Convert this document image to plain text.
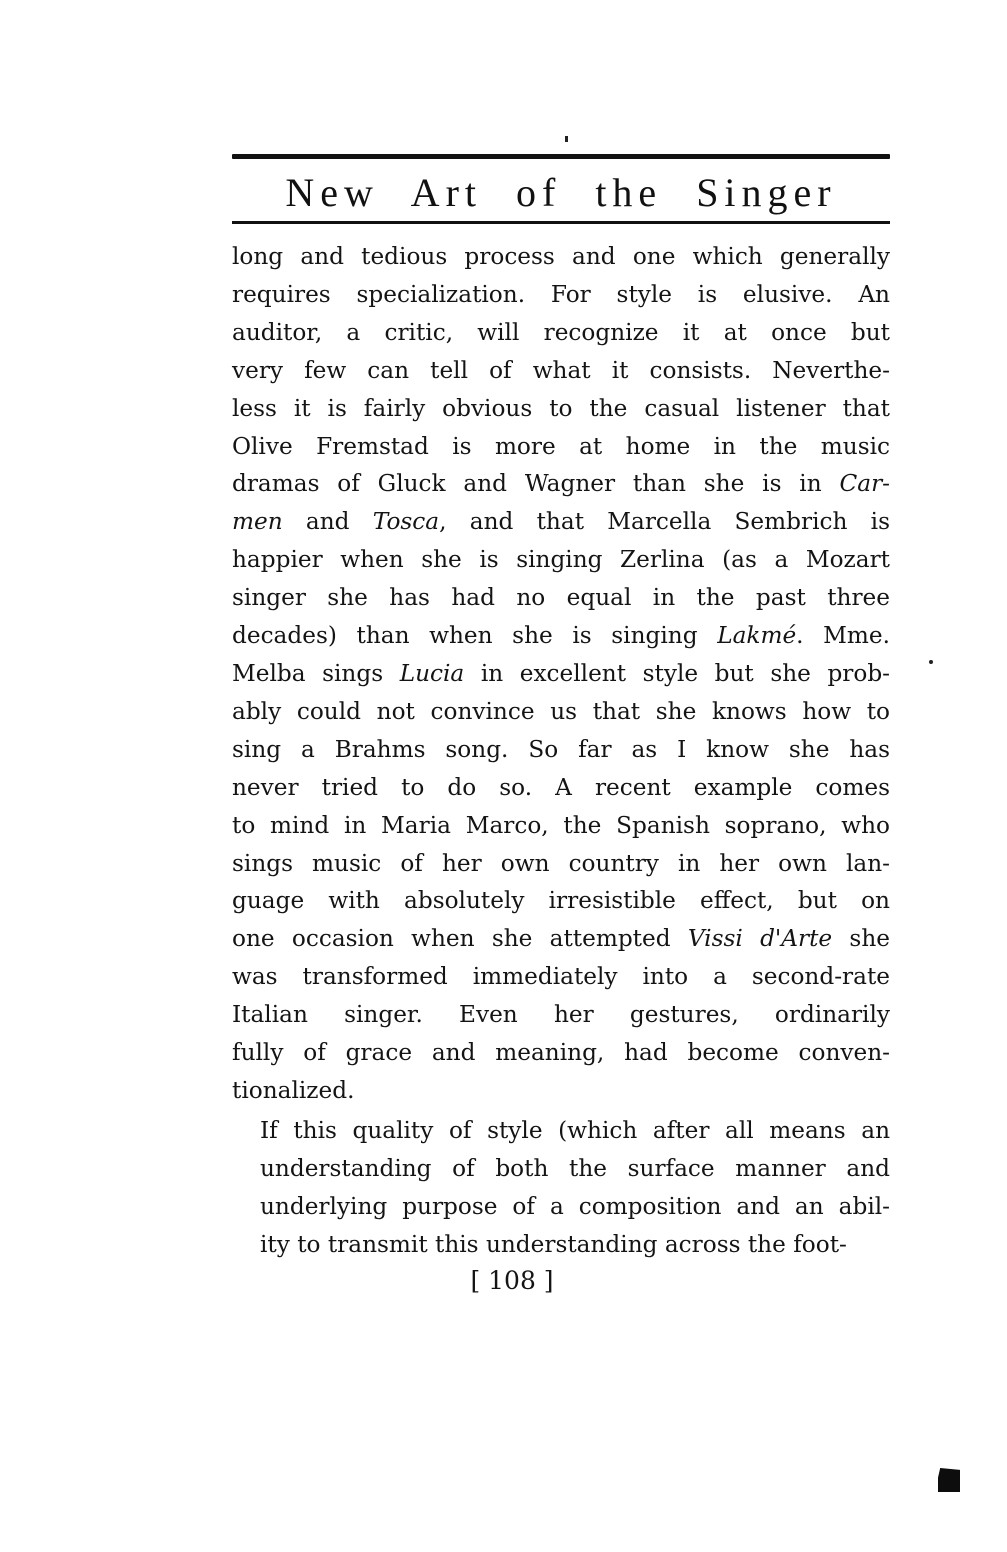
New Art of the Singer

long and tedious process and one which generally
requires specialization. For style is elusive. An
auditor, a critic, will recognize it at once but
very few can tell of what it consists. Neverthe-
less it is fairly obvious to the casual listener that
Olive Fremstad is more at home in the music
dramas of Gluck and Wagner than she is in Car-
men and Tosca, and that Marcella Sembrich is
happier when she is singing Zerlina (as a Mozart
singer she has had no equal in the past three
decades) than when she is singing Lakmé. Mme.
Melba sings Lucia in excellent style but she prob-
ably could not convince us that she knows how to
sing a Brahms song. So far as I know she has
never tried to do so. A recent example comes
to mind in Maria Marco, the Spanish soprano, who
sings music of her own country in her own lan-
guage with absolutely irresistible effect, but on
one occasion when she attempted Vissi d'Arte she
was transformed immediately into a second-rate
Italian singer. Even her gestures, ordinarily
fully of grace and meaning, had become conven-
tionalized.

If this quality of style (which after all means an
understanding of both the surface manner and
underlying purpose of a composition and an abil-
ity to transmit this understanding across the foot-

[ 108 ]
